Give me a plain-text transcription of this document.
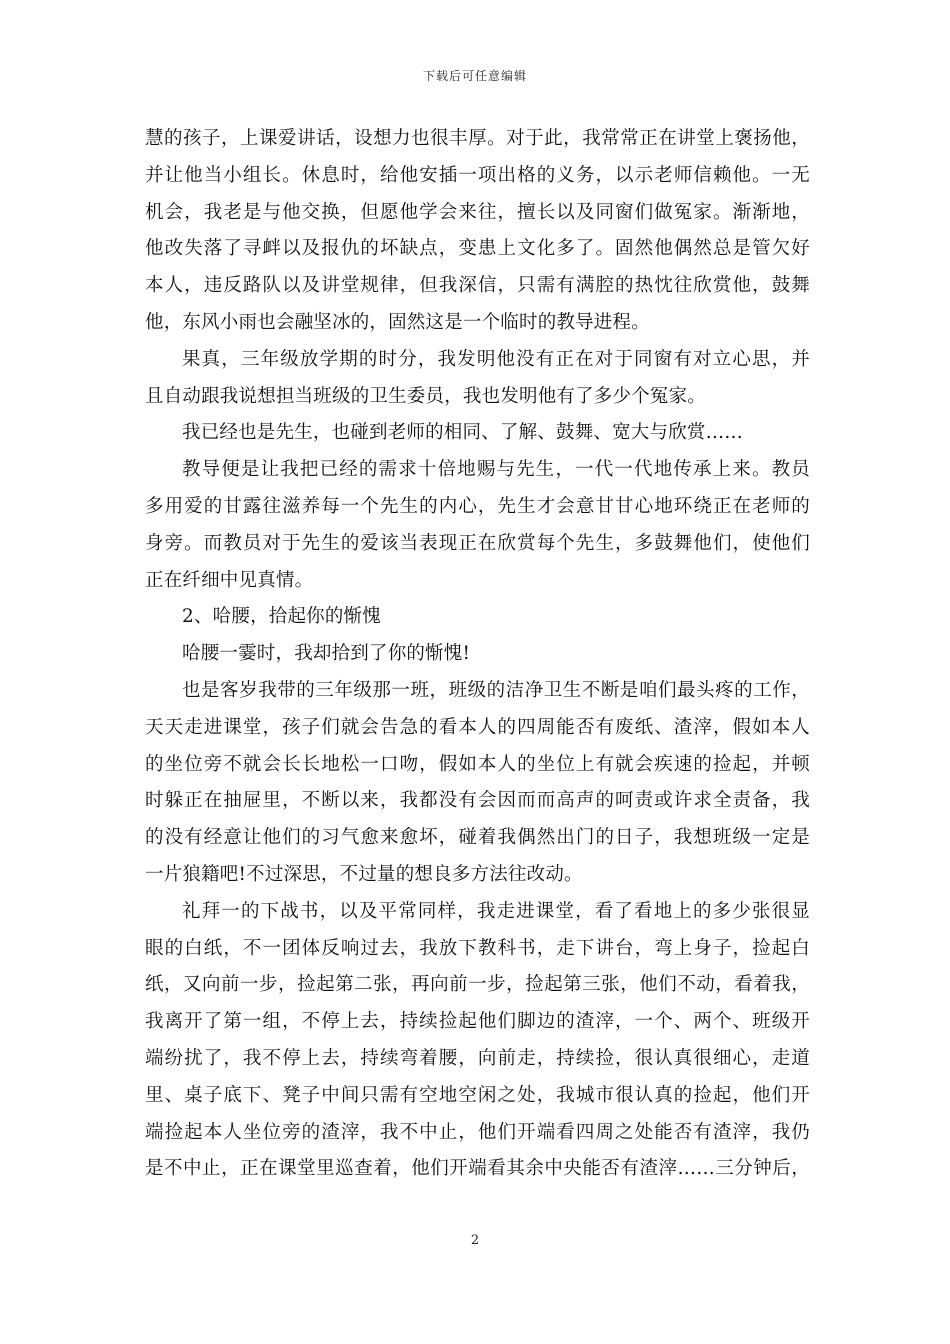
下载后可任意编辑
慧的孩子，上课爱讲话，设想力也很丰厚。对于此，我常常正在讲堂上褒扬他，
并让他当小组长。休息时，给他安插一项出格的义务，以示老师信赖他。一无
机会，我老是与他交换，但愿他学会来往，擅长以及同窗们做冤家。渐渐地，
他改失落了寻衅以及报仇的坏缺点，变患上文化多了。固然他偶然总是管欠好
本人，违反路队以及讲堂规律，但我深信，只需有满腔的热忱往欣赏他，鼓舞
他，东风小雨也会融坚冰的，固然这是一个临时的教导进程。
果真，三年级放学期的时分，我发明他没有正在对于同窗有对立心思，并
且自动跟我说想担当班级的卫生委员，我也发明他有了多少个冤家。
我已经也是先生，也碰到老师的相同、了解、鼓舞、宽大与欣赏……
教导便是让我把已经的需求十倍地赐与先生，一代一代地传承上来。教员
多用爱的甘露往滋养每一个先生的内心，先生才会意甘甘心地环绕正在老师的
身旁。而教员对于先生的爱该当表现正在欣赏每个先生，多鼓舞他们，使他们
正在纤细中见真情。
2、哈腰，拾起你的惭愧
哈腰一霎时，我却拾到了你的惭愧!
也是客岁我带的三年级那一班，班级的洁净卫生不断是咱们最头疼的工作，
天天走进课堂，孩子们就会告急的看本人的四周能否有废纸、渣滓，假如本人
的坐位旁不就会长长地松一口吻，假如本人的坐位上有就会疾速的捡起，并顿
时躲正在抽屉里，不断以来，我都没有会因而而高声的呵责或许求全责备，我
的没有经意让他们的习气愈来愈坏，碰着我偶然出门的日子，我想班级一定是
一片狼籍吧!不过深思，不过量的想良多方法往改动。
礼拜一的下战书，以及平常同样，我走进课堂，看了看地上的多少张很显
眼的白纸，不一团体反响过去，我放下教科书，走下讲台，弯上身子，捡起白
纸，又向前一步，捡起第二张，再向前一步，捡起第三张，他们不动，看着我，
我离开了第一组，不停上去，持续捡起他们脚边的渣滓，一个、两个、班级开
端纷扰了，我不停上去，持续弯着腰，向前走，持续捡，很认真很细心，走道
里、桌子底下、凳子中间只需有空地空闲之处，我城市很认真的捡起，他们开
端捡起本人坐位旁的渣滓，我不中止，他们开端看四周之处能否有渣滓，我仍
是不中止，正在课堂里巡查着，他们开端看其余中央能否有渣滓……三分钟后，
2
